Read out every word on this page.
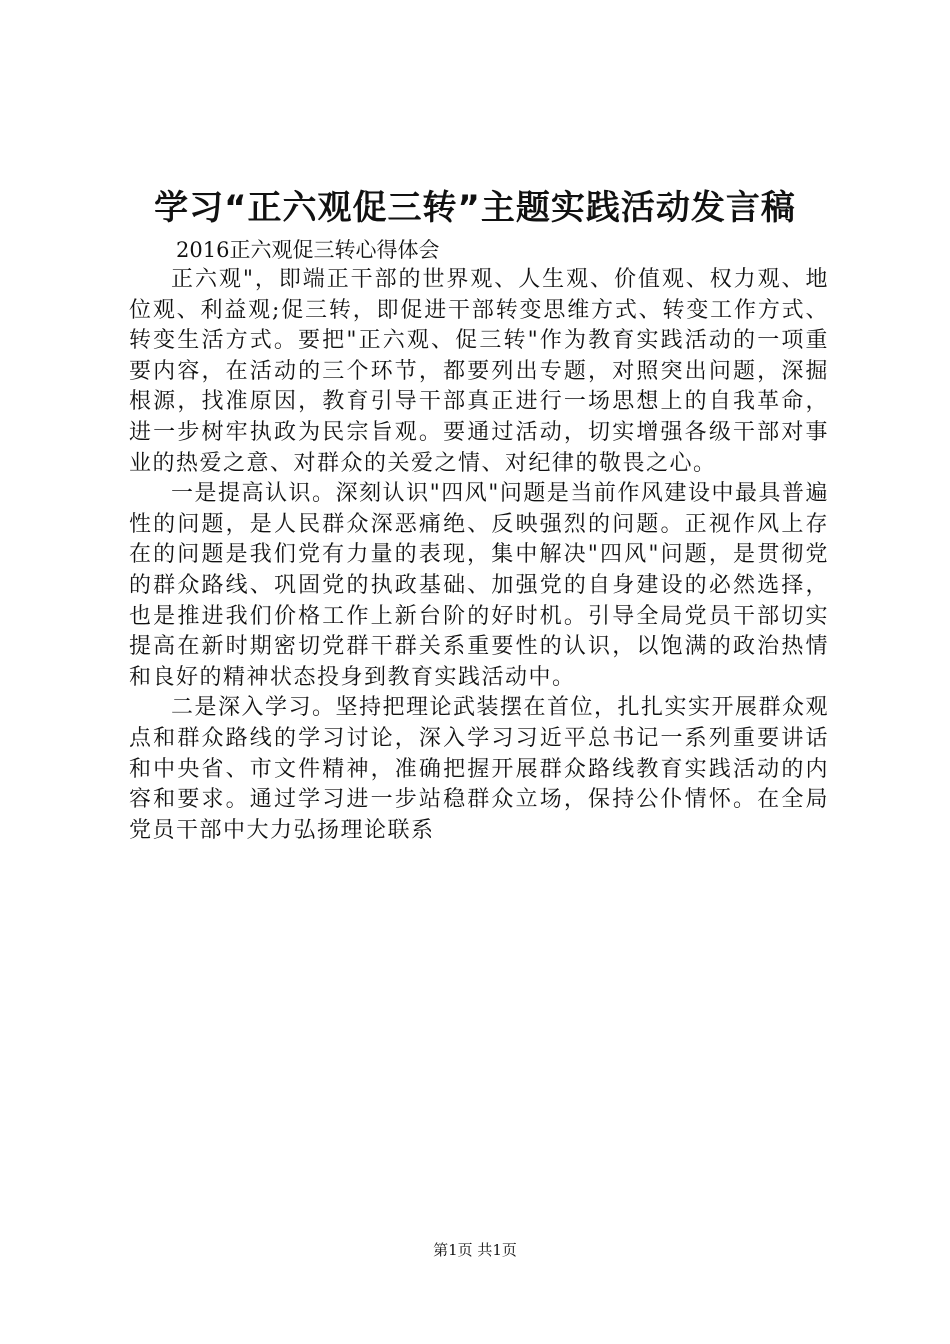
学习“正六观促三转”主题实践活动发言稿
2016正六观促三转心得体会

正六观"，即端正干部的世界观、人生观、价值观、权力观、地位观、利益观;促三转，即促进干部转变思维方式、转变工作方式、转变生活方式。要把"正六观、促三转"作为教育实践活动的一项重要内容，在活动的三个环节，都要列出专题，对照突出问题，深掘根源，找准原因，教育引导干部真正进行一场思想上的自我革命，进一步树牢执政为民宗旨观。要通过活动，切实增强各级干部对事业的热爱之意、对群众的关爱之情、对纪律的敬畏之心。

一是提高认识。深刻认识"四风"问题是当前作风建设中最具普遍性的问题，是人民群众深恶痛绝、反映强烈的问题。正视作风上存在的问题是我们党有力量的表现，集中解决"四风"问题，是贯彻党的群众路线、巩固党的执政基础、加强党的自身建设的必然选择，也是推进我们价格工作上新台阶的好时机。引导全局党员干部切实提高在新时期密切党群干群关系重要性的认识，以饱满的政治热情和良好的精神状态投身到教育实践活动中。

二是深入学习。坚持把理论武装摆在首位，扎扎实实开展群众观点和群众路线的学习讨论，深入学习习近平总书记一系列重要讲话和中央省、市文件精神，准确把握开展群众路线教育实践活动的内容和要求。通过学习进一步站稳群众立场，保持公仆情怀。在全局党员干部中大力弘扬理论联系

第1页 共1页
